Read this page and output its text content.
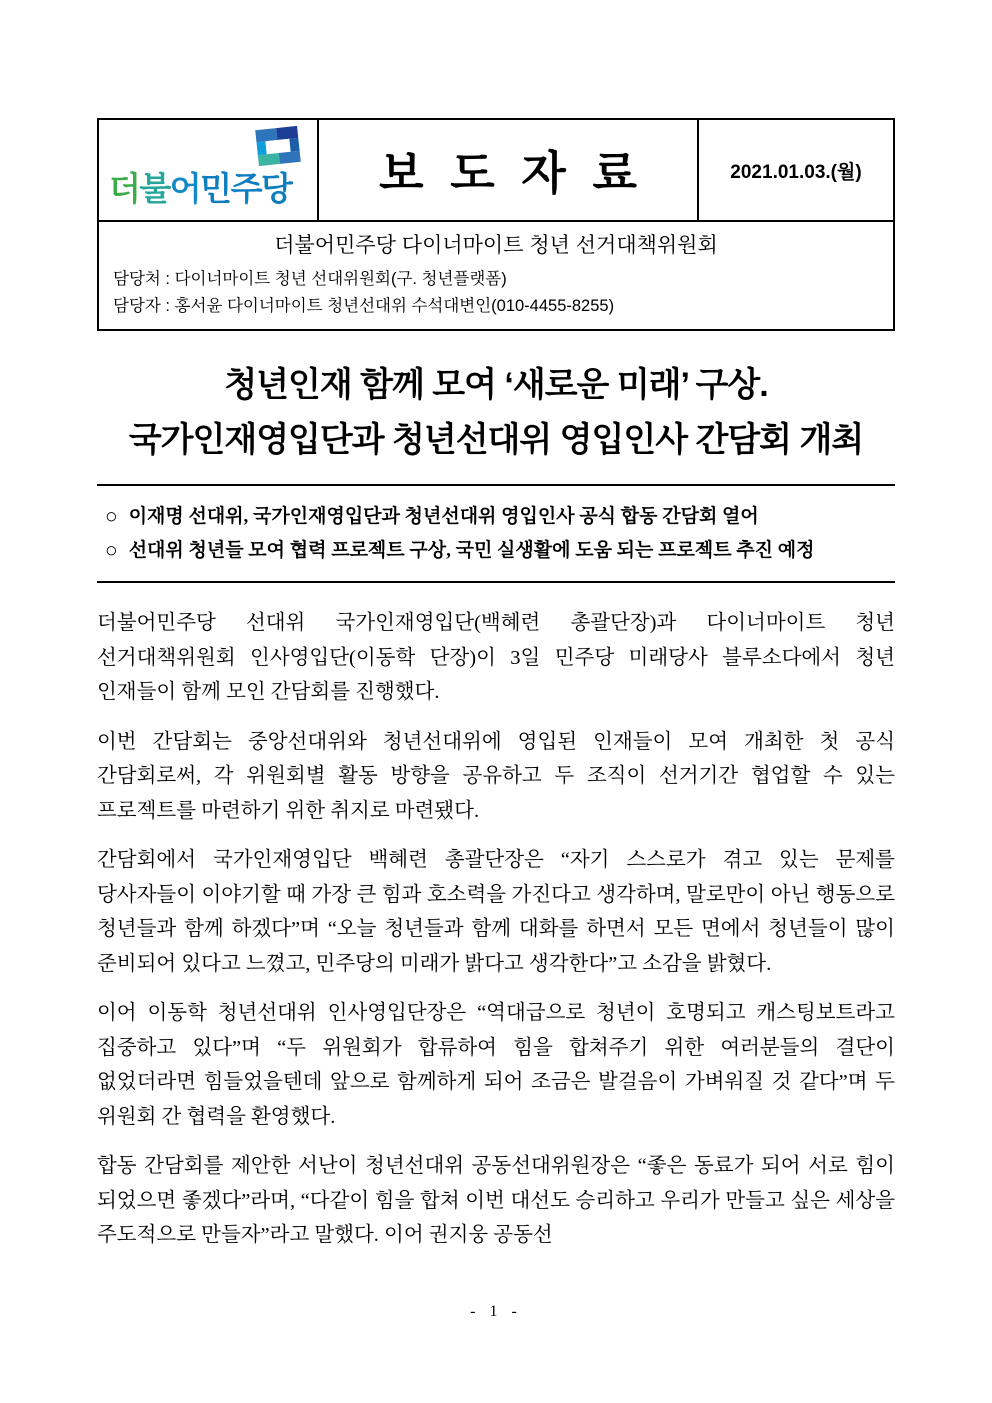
더불어민주당	보도자료	2021.01.03.(월)
더불어민주당 다이너마이트 청년 선거대책위원회
담당처 : 다이너마이트 청년 선대위원회(구. 청년플랫폼)
담당자 : 홍서윤 다이너마이트 청년선대위 수석대변인(010-4455-8255)
청년인재 함께 모여 ‘새로운 미래’ 구상.
국가인재영입단과 청년선대위 영입인사 간담회 개최
○ 이재명 선대위, 국가인재영입단과 청년선대위 영입인사 공식 합동 간담회 열어
○ 선대위 청년들 모여 협력 프로젝트 구상, 국민 실생활에 도움 되는 프로젝트 추진 예정

더불어민주당 선대위 국가인재영입단(백혜련 총괄단장)과 다이너마이트 청년 선거대책위원회 인사영입단(이동학 단장)이 3일 민주당 미래당사 블루소다에서 청년 인재들이 함께 모인 간담회를 진행했다.

이번 간담회는 중앙선대위와 청년선대위에 영입된 인재들이 모여 개최한 첫 공식 간담회로써, 각 위원회별 활동 방향을 공유하고 두 조직이 선거기간 협업할 수 있는 프로젝트를 마련하기 위한 취지로 마련됐다.

간담회에서 국가인재영입단 백혜련 총괄단장은 “자기 스스로가 겪고 있는 문제를 당사자들이 이야기할 때 가장 큰 힘과 호소력을 가진다고 생각하며, 말로만이 아닌 행동으로 청년들과 함께 하겠다”며 “오늘 청년들과 함께 대화를 하면서 모든 면에서 청년들이 많이 준비되어 있다고 느꼈고, 민주당의 미래가 밝다고 생각한다”고 소감을 밝혔다.

이어 이동학 청년선대위 인사영입단장은 “역대급으로 청년이 호명되고 캐스팅보트라고 집중하고 있다”며 “두 위원회가 합류하여 힘을 합쳐주기 위한 여러분들의 결단이 없었더라면 힘들었을텐데 앞으로 함께하게 되어 조금은 발걸음이 가벼워질 것 같다”며 두 위원회 간 협력을 환영했다.

합동 간담회를 제안한 서난이 청년선대위 공동선대위원장은 “좋은 동료가 되어 서로 힘이 되었으면 좋겠다”라며, “다같이 힘을 합쳐 이번 대선도 승리하고 우리가 만들고 싶은 세상을 주도적으로 만들자”라고 말했다. 이어 권지웅 공동선

- 1 -
